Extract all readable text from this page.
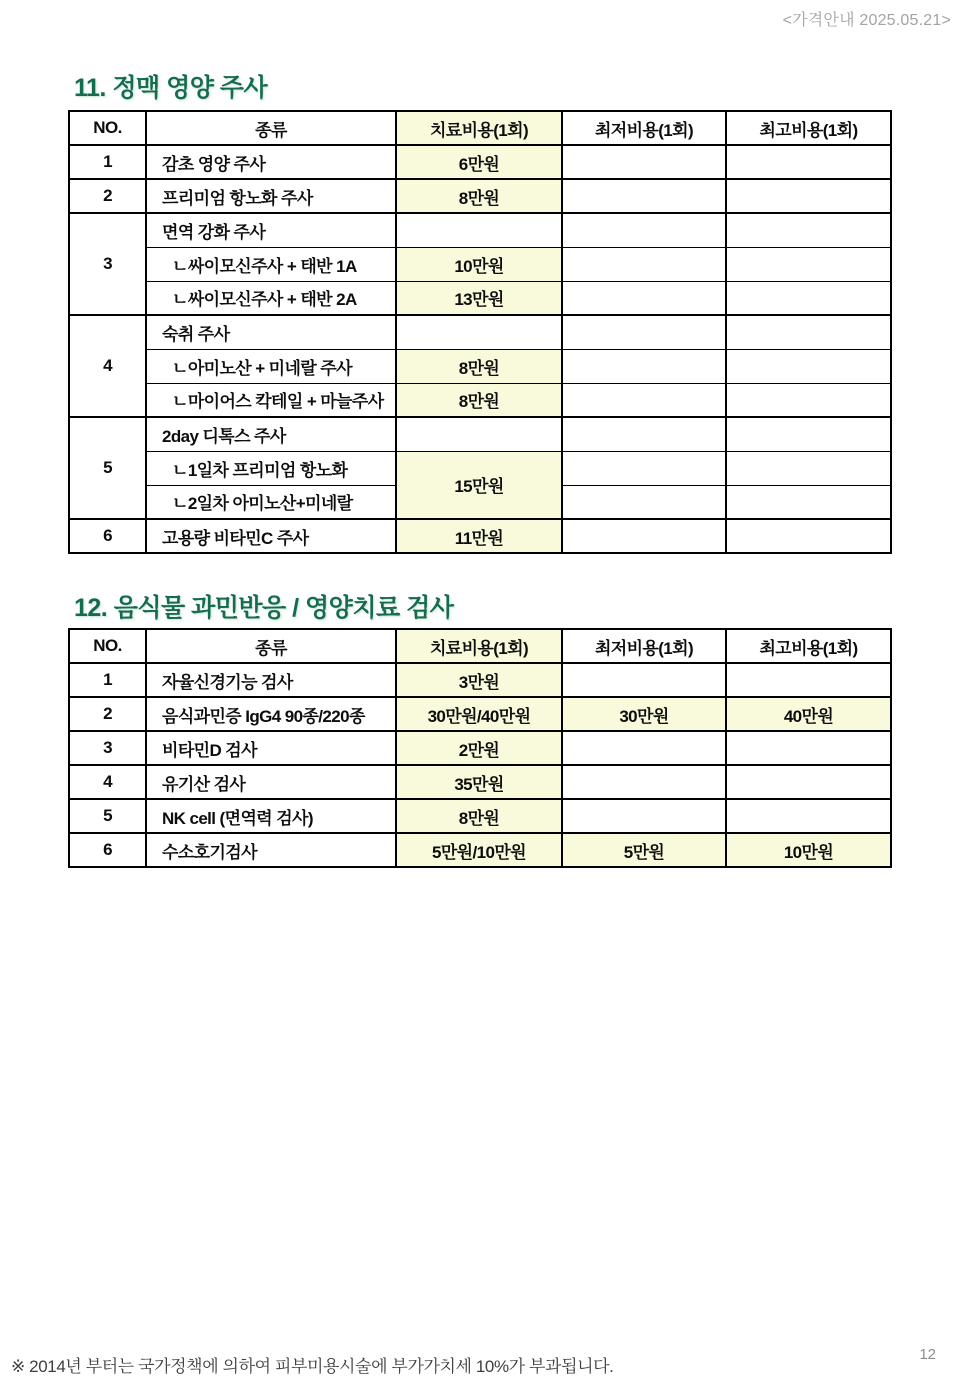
<가격안내 2025.05.21>
11. 정맥 영양 주사
NO.	종류	치료비용(1회)	최저비용(1회)	최고비용(1회)
1	감초 영양 주사	6만원		
2	프리미엄 항노화 주사	8만원		
3	면역 강화 주사			
	ㄴ싸이모신주사 + 태반 1A	10만원		
	ㄴ싸이모신주사 + 태반 2A	13만원		
4	숙취 주사			
	ㄴ아미노산 + 미네랄 주사	8만원		
	ㄴ마이어스 칵테일 + 마늘주사	8만원		
5	2day 디톡스 주사			
	ㄴ1일차 프리미엄 항노화	15만원		
	ㄴ2일차 아미노산+미네랄			
6	고용량 비타민C 주사	11만원		
12. 음식물 과민반응 / 영양치료 검사
NO.	종류	치료비용(1회)	최저비용(1회)	최고비용(1회)
1	자율신경기능 검사	3만원		
2	음식과민증 IgG4 90종/220종	30만원/40만원	30만원	40만원
3	비타민D 검사	2만원		
4	유기산 검사	35만원		
5	NK cell (면역력 검사)	8만원		
6	수소호기검사	5만원/10만원	5만원	10만원
※ 2014년 부터는 국가정책에 의하여 피부미용시술에 부가가치세 10%가 부과됩니다.
12
